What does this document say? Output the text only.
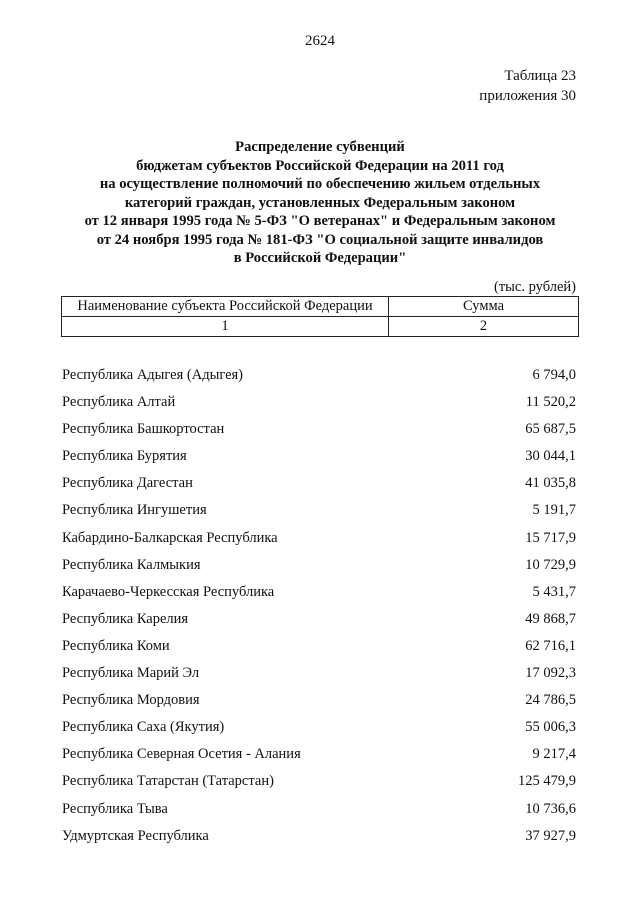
2624
Таблица 23
приложения 30
Распределение субвенций
бюджетам субъектов Российской Федерации на 2011 год
на осуществление полномочий по обеспечению жильем отдельных
категорий граждан, установленных Федеральным законом
от 12 января 1995 года № 5-ФЗ "О ветеранах" и Федеральным законом
от 24 ноября 1995 года № 181-ФЗ "О социальной защите инвалидов
в Российской Федерации"
(тыс. рублей)
Наименование субъекта Российской Федерации	Сумма
1	2
Республика Адыгея (Адыгея)	6 794,0
Республика Алтай	11 520,2
Республика Башкортостан	65 687,5
Республика Бурятия	30 044,1
Республика Дагестан	41 035,8
Республика Ингушетия	5 191,7
Кабардино-Балкарская Республика	15 717,9
Республика Калмыкия	10 729,9
Карачаево-Черкесская Республика	5 431,7
Республика Карелия	49 868,7
Республика Коми	62 716,1
Республика Марий Эл	17 092,3
Республика Мордовия	24 786,5
Республика Саха (Якутия)	55 006,3
Республика Северная Осетия - Алания	9 217,4
Республика Татарстан (Татарстан)	125 479,9
Республика Тыва	10 736,6
Удмуртская Республика	37 927,9
